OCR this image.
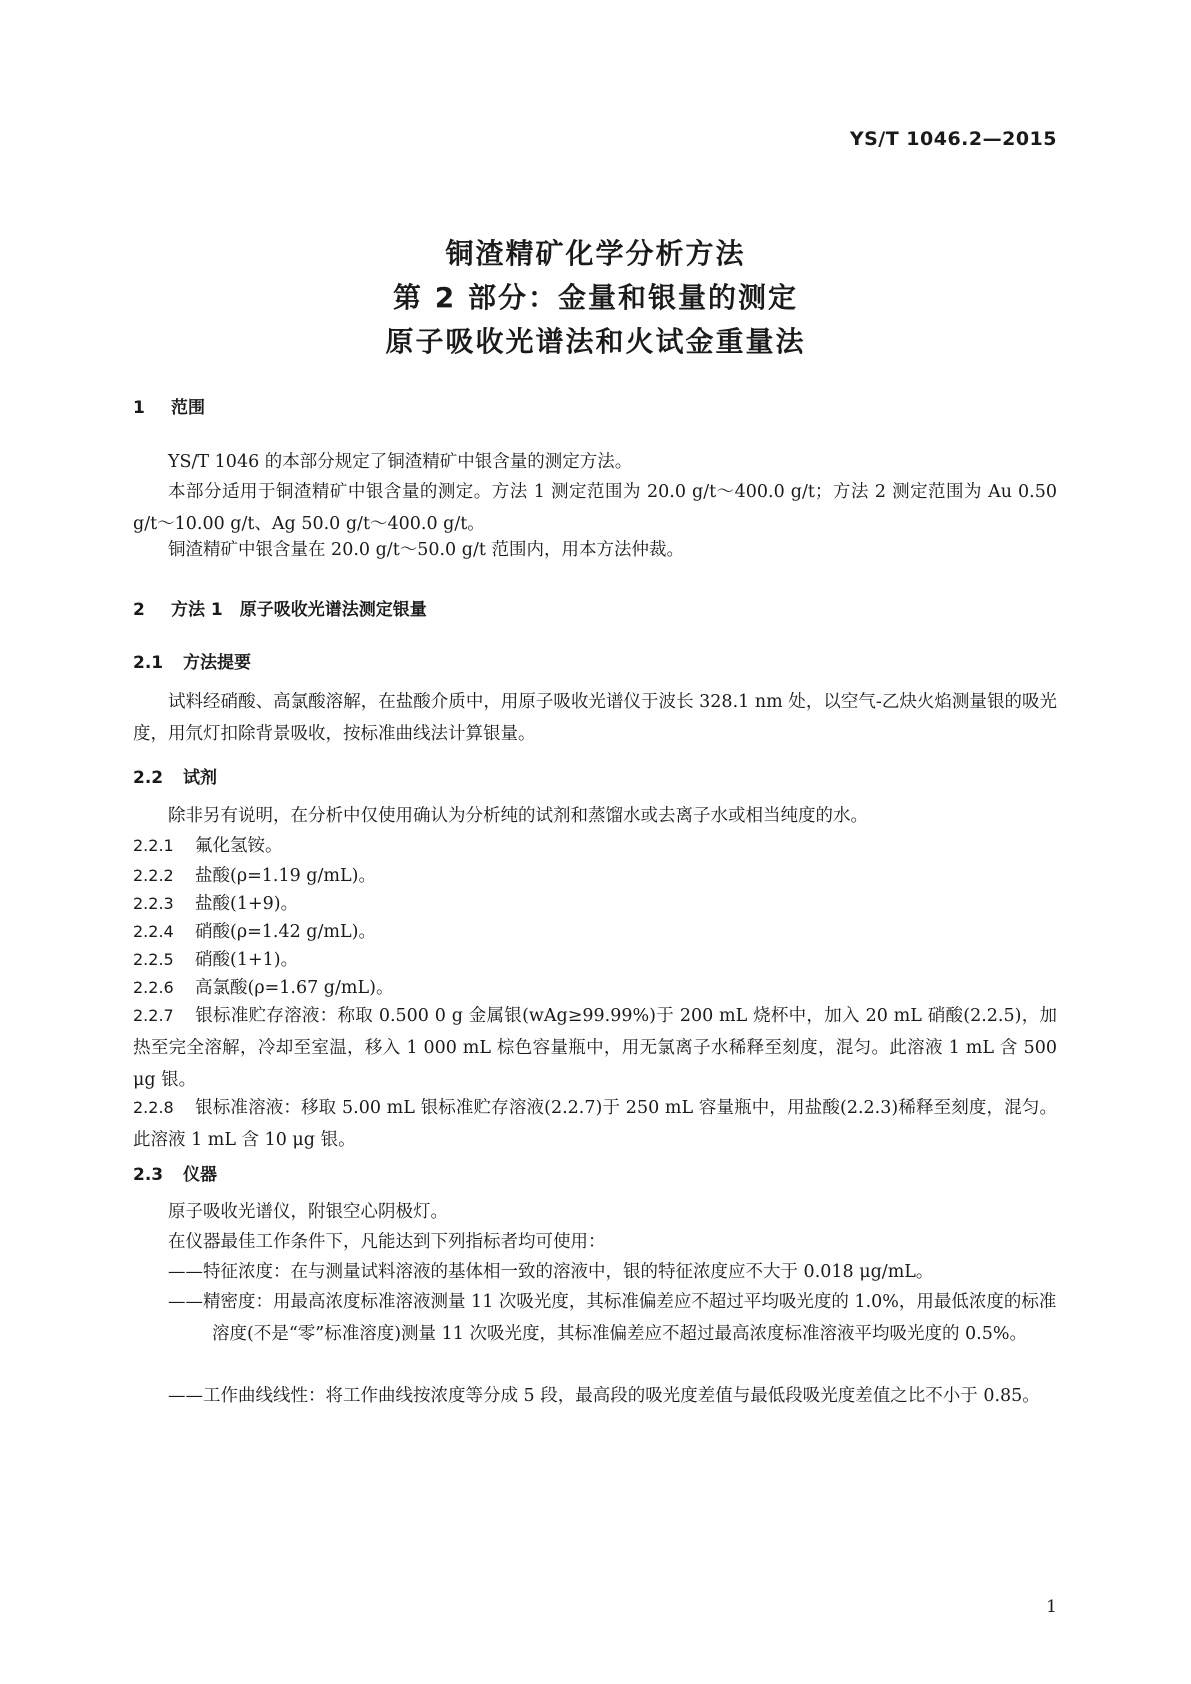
YS/T 1046.2—2015
铜渣精矿化学分析方法
第 2 部分：金量和银量的测定
原子吸收光谱法和火试金重量法
1 范围
YS/T 1046 的本部分规定了铜渣精矿中银含量的测定方法。
本部分适用于铜渣精矿中银含量的测定。方法 1 测定范围为 20.0 g/t～400.0 g/t；方法 2 测定范围为 Au 0.50 g/t～10.00 g/t、Ag 50.0 g/t～400.0 g/t。
铜渣精矿中银含量在 20.0 g/t～50.0 g/t 范围内，用本方法仲裁。
2 方法 1　原子吸收光谱法测定银量
2.1 方法提要
试料经硝酸、高氯酸溶解，在盐酸介质中，用原子吸收光谱仪于波长 328.1 nm 处，以空气-乙炔火焰测量银的吸光度，用氘灯扣除背景吸收，按标准曲线法计算银量。
2.2 试剂
除非另有说明，在分析中仅使用确认为分析纯的试剂和蒸馏水或去离子水或相当纯度的水。
2.2.1 氟化氢铵。
2.2.2 盐酸(ρ=1.19 g/mL)。
2.2.3 盐酸(1+9)。
2.2.4 硝酸(ρ=1.42 g/mL)。
2.2.5 硝酸(1+1)。
2.2.6 高氯酸(ρ=1.67 g/mL)。
2.2.7 银标准贮存溶液：称取 0.500 0 g 金属银(wAg≥99.99%)于 200 mL 烧杯中，加入 20 mL 硝酸(2.2.5)，加热至完全溶解，冷却至室温，移入 1 000 mL 棕色容量瓶中，用无氯离子水稀释至刻度，混匀。此溶液 1 mL 含 500 μg 银。
2.2.8 银标准溶液：移取 5.00 mL 银标准贮存溶液(2.2.7)于 250 mL 容量瓶中，用盐酸(2.2.3)稀释至刻度，混匀。此溶液 1 mL 含 10 μg 银。
2.3 仪器
原子吸收光谱仪，附银空心阴极灯。
在仪器最佳工作条件下，凡能达到下列指标者均可使用：
——特征浓度：在与测量试料溶液的基体相一致的溶液中，银的特征浓度应不大于 0.018 μg/mL。
——精密度：用最高浓度标准溶液测量 11 次吸光度，其标准偏差应不超过平均吸光度的 1.0%，用最低浓度的标准溶度(不是“零”标准溶度)测量 11 次吸光度，其标准偏差应不超过最高浓度标准溶液平均吸光度的 0.5%。
——工作曲线线性：将工作曲线按浓度等分成 5 段，最高段的吸光度差值与最低段吸光度差值之比不小于 0.85。
1
